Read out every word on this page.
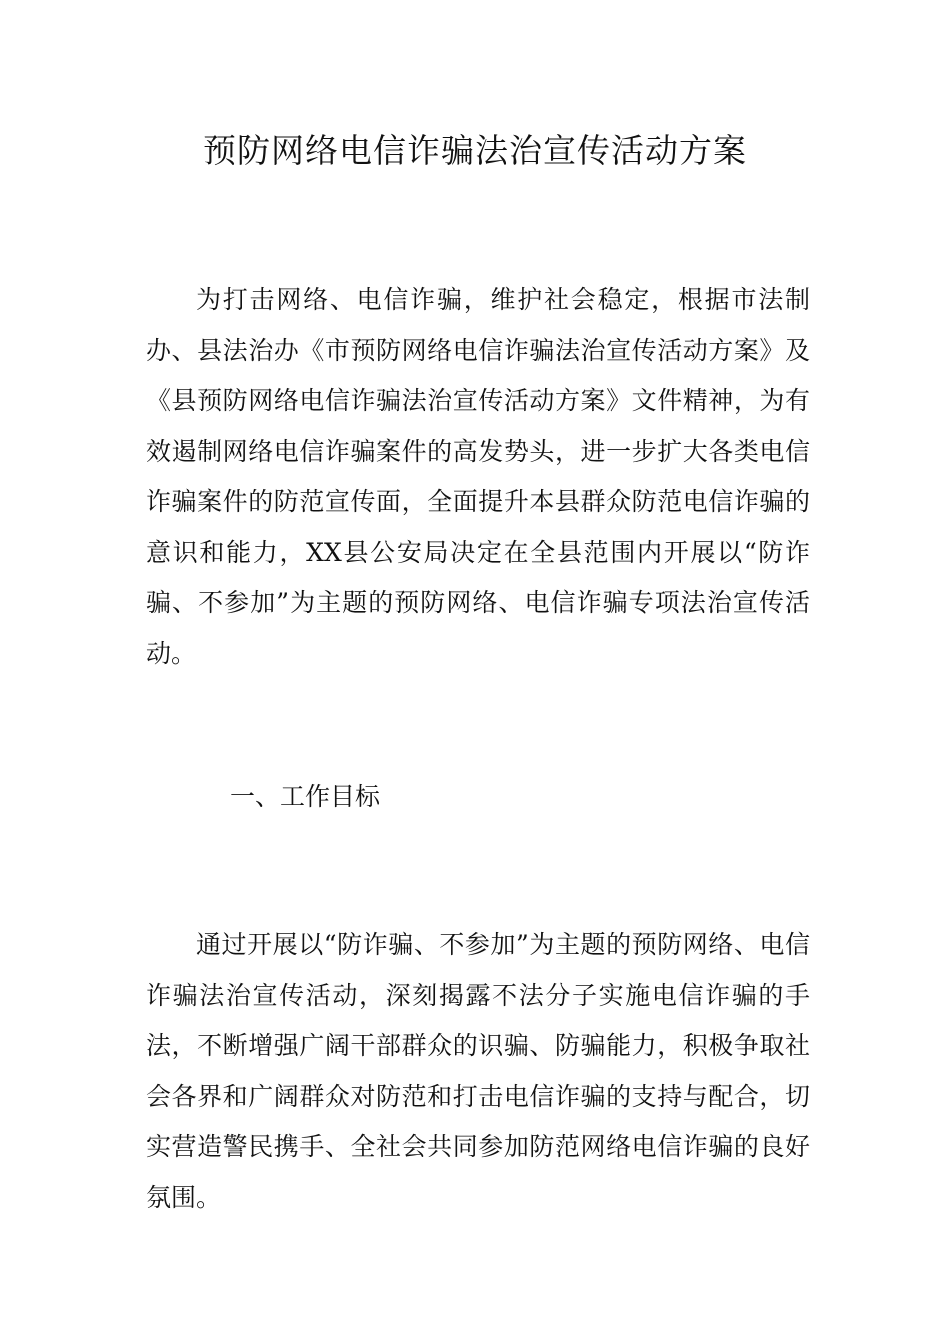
预防网络电信诈骗法治宣传活动方案

为打击网络、电信诈骗，维护社会稳定，根据市法制办、县法治办《市预防网络电信诈骗法治宣传活动方案》及《县预防网络电信诈骗法治宣传活动方案》文件精神，为有效遏制网络电信诈骗案件的高发势头，进一步扩大各类电信诈骗案件的防范宣传面，全面提升本县群众防范电信诈骗的意识和能力，XX县公安局决定在全县范围内开展以“防诈骗、不参加”为主题的预防网络、电信诈骗专项法治宣传活动。

一、工作目标

通过开展以“防诈骗、不参加”为主题的预防网络、电信诈骗法治宣传活动，深刻揭露不法分子实施电信诈骗的手法，不断增强广阔干部群众的识骗、防骗能力，积极争取社会各界和广阔群众对防范和打击电信诈骗的支持与配合，切实营造警民携手、全社会共同参加防范网络电信诈骗的良好氛围。
